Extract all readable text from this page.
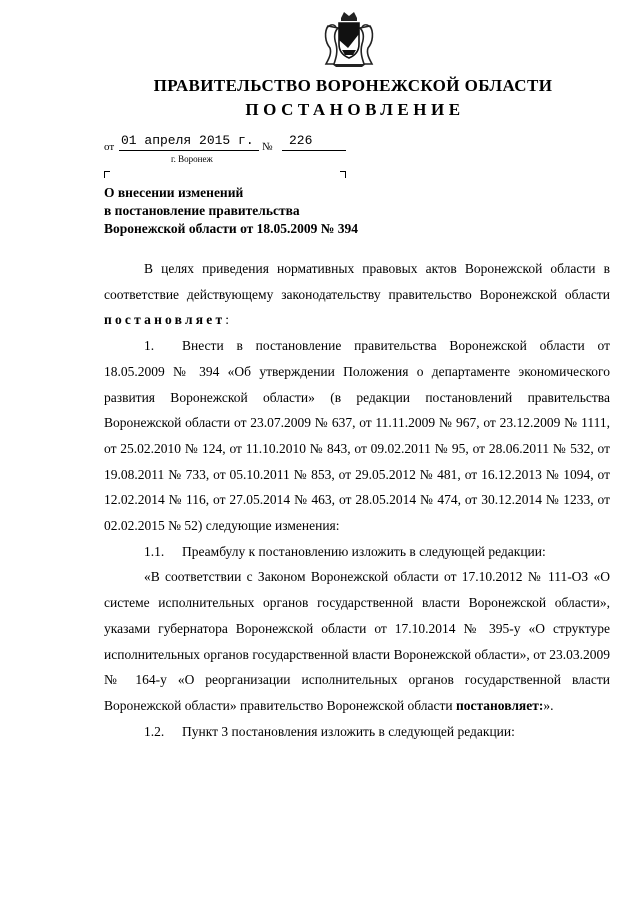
ПРАВИТЕЛЬСТВО ВОРОНЕЖСКОЙ ОБЛАСТИ
ПОСТАНОВЛЕНИЕ
от 01 апреля 2015 г. № 226
г. Воронеж
О внесении изменений
в постановление правительства
Воронежской области от 18.05.2009 № 394

В целях приведения нормативных правовых актов Воронежской области в соответствие действующему законодательству правительство Воронежской области постановляет:

1. Внести в постановление правительства Воронежской области от 18.05.2009 № 394 «Об утверждении Положения о департаменте экономического развития Воронежской области» (в редакции постановлений правительства Воронежской области от 23.07.2009 № 637, от 11.11.2009 № 967, от 23.12.2009 № 1111, от 25.02.2010 № 124, от 11.10.2010 № 843, от 09.02.2011 № 95, от 28.06.2011 № 532, от 19.08.2011 № 733, от 05.10.2011 № 853, от 29.05.2012 № 481, от 16.12.2013 № 1094, от 12.02.2014 № 116, от 27.05.2014 № 463, от 28.05.2014 № 474, от 30.12.2014 № 1233, от 02.02.2015 № 52) следующие изменения:

1.1. Преамбулу к постановлению изложить в следующей редакции:

«В соответствии с Законом Воронежской области от 17.10.2012 № 111-ОЗ «О системе исполнительных органов государственной власти Воронежской области», указами губернатора Воронежской области от 17.10.2014 № 395-у «О структуре исполнительных органов государственной власти Воронежской области», от 23.03.2009 № 164-у «О реорганизации исполнительных органов государственной власти Воронежской области» правительство Воронежской области постановляет:».

1.2. Пункт 3 постановления изложить в следующей редакции:
